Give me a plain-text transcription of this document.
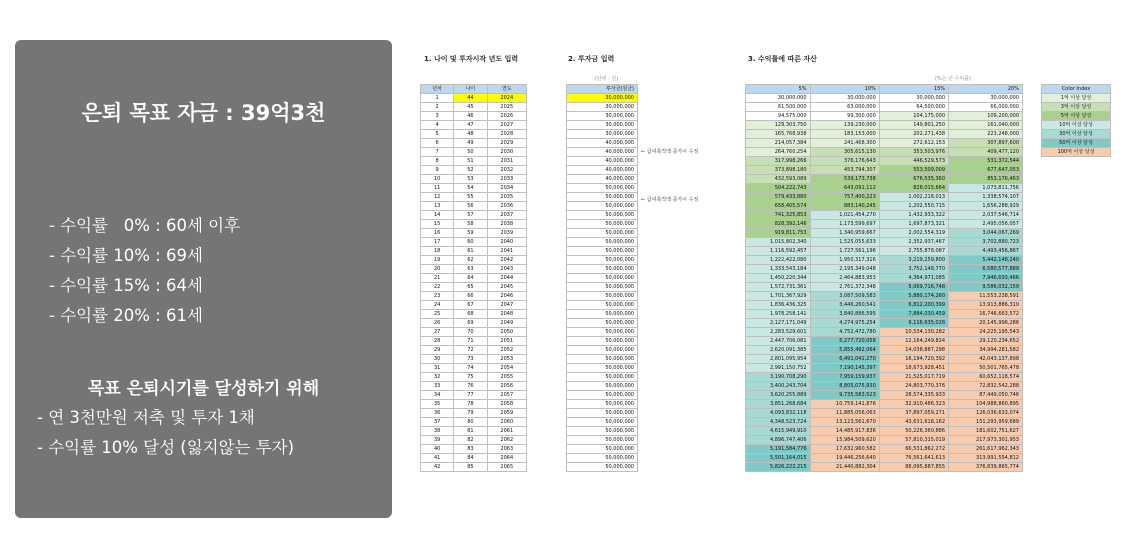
은퇴 목표 자금 : 39억3천
- 수익률   0% : 60세 이후
- 수익률 10% : 69세
- 수익률 15% : 64세
- 수익률 20% : 61세
목표 은퇴시기를 달성하기 위해
- 연 3천만원 저축 및 투자 1채
- 수익률 10% 달성 (잃지않는 투자)
1. 나이 및 투자시작 년도 입력	2. 투자금 입력	3. 수익률에 따른 자산
(단위 : 원)	(%는 년 수익률)
년차	나이	연도
1	44	2024
2	45	2025
3	46	2026
4	47	2027
5	48	2028
6	49	2029
7	50	2030
8	51	2031
9	52	2032
10	53	2033
11	54	2034
12	55	2035
13	56	2036
14	57	2037
15	58	2038
16	59	2039
17	60	2040
18	61	2041
19	62	2042
20	63	2043
21	64	2044
22	65	2045
23	66	2046
24	67	2047
25	68	2048
26	69	2049
27	70	2050
28	71	2051
29	72	2052
30	73	2053
31	74	2054
32	75	2055
33	76	2056
34	77	2057
35	78	2058
36	79	2059
37	80	2060
38	81	2061
39	82	2062
40	83	2063
41	84	2064
42	85	2065
투자금(원금)
30,000,000
30,000,000
30,000,000
30,000,000
30,000,000
40,000,000
40,000,000
40,000,000
40,000,000
40,000,000
50,000,000
50,000,000
50,000,000
50,000,000
50,000,000
50,000,000
50,000,000
50,000,000
50,000,000
50,000,000
50,000,000
50,000,000
50,000,000
50,000,000
50,000,000
50,000,000
50,000,000
50,000,000
50,000,000
50,000,000
50,000,000
50,000,000
50,000,000
50,000,000
50,000,000
50,000,000
50,000,000
50,000,000
50,000,000
50,000,000
50,000,000
50,000,000
← 급여축적액 증가시 수정
← 급여축적액 증가시 수정
5%	10%	15%	20%
30,000,000	30,000,000	30,000,000	30,000,000
61,500,000	63,000,000	64,500,000	66,000,000
94,575,000	99,300,000	104,175,000	109,200,000
129,303,750	139,230,000	149,801,250	161,040,000
165,768,938	183,153,000	202,271,438	223,248,000
214,057,384	241,468,300	272,612,153	307,897,600
264,760,254	305,615,130	353,503,976	409,477,120
317,998,266	376,176,643	446,529,573	531,372,544
373,898,180	453,794,307	553,509,009	677,647,053
432,593,089	539,173,738	676,535,360	853,176,463
504,222,743	643,091,112	828,015,664	1,073,811,756
579,433,880	757,400,223	1,002,218,013	1,338,574,107
658,405,574	883,140,245	1,202,550,715	1,656,288,929
741,325,853	1,021,454,270	1,432,933,322	2,037,546,714
828,392,146	1,173,599,697	1,697,873,321	2,495,056,057
919,811,753	1,340,959,667	2,002,554,319	3,044,067,269
1,015,802,340	1,525,055,633	2,352,937,467	3,702,880,723
1,116,592,457	1,727,561,196	2,755,878,087	4,493,456,867
1,222,422,080	1,950,317,316	3,219,259,800	5,442,148,240
1,333,543,184	2,195,349,048	3,752,148,770	6,580,577,889
1,450,220,344	2,464,883,953	4,364,971,085	7,946,693,466
1,572,731,361	2,761,372,348	5,069,716,748	9,586,032,159
1,701,367,929	3,087,509,583	5,880,174,260	11,553,238,591
1,836,436,325	3,446,260,541	6,812,200,399	13,913,886,310
1,978,258,141	3,840,886,595	7,884,030,459	16,746,663,572
2,127,171,049	4,274,975,254	9,116,635,028	20,145,996,286
2,283,529,601	4,752,472,780	10,534,130,282	24,225,195,543
2,447,706,081	5,277,720,058	12,164,249,824	29,120,234,652
2,620,091,385	5,855,492,064	14,038,887,298	34,994,281,582
2,801,095,954	6,491,041,270	16,194,720,392	42,043,137,898
2,991,150,752	7,190,145,397	18,673,928,451	50,501,765,478
3,190,708,290	7,959,159,937	21,525,017,719	60,652,118,574
3,400,243,704	8,805,075,930	24,803,770,376	72,832,542,288
3,620,255,889	9,735,583,523	28,574,335,933	87,449,050,746
3,851,268,684	10,759,141,876	32,910,486,323	104,988,860,895
4,093,832,118	11,885,056,063	37,897,059,271	126,036,633,074
4,348,523,724	13,123,561,670	43,631,618,162	151,293,959,689
4,615,949,910	14,485,917,836	50,226,360,886	181,602,751,627
4,896,747,406	15,984,509,620	57,810,315,019	217,973,301,953
5,191,584,776	17,632,960,582	66,531,862,272	261,617,962,343
5,501,164,015	19,446,256,640	76,561,641,613	313,991,554,812
5,826,222,215	21,440,882,304	88,095,887,855	376,839,865,774
Color Index
1억 이상 달성
3억 이상 달성
5억 이상 달성
10억 이상 달성
30억 이상 달성
50억 이상 달성
100억 이상 달성
